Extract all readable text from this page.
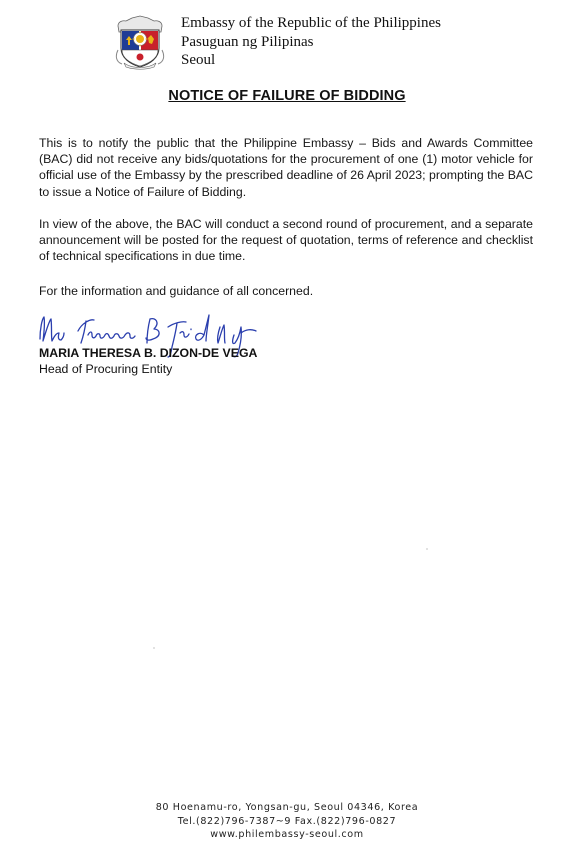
Embassy of the Republic of the Philippines
Pasuguan ng Pilipinas
Seoul
NOTICE OF FAILURE OF BIDDING
This is to notify the public that the Philippine Embassy – Bids and Awards Committee (BAC) did not receive any bids/quotations for the procurement of one (1) motor vehicle for official use of the Embassy by the prescribed deadline of 26 April 2023; prompting the BAC to issue a Notice of Failure of Bidding.
In view of the above, the BAC will conduct a second round of procurement, and a separate announcement will be posted for the request of quotation, terms of reference and checklist of technical specifications in due time.
For the information and guidance of all concerned.
MARIA THERESA B. DIZON-DE VEGA
Head of Procuring Entity
80 Hoenamu-ro, Yongsan-gu, Seoul 04346, Korea
Tel.(822)796-7387~9 Fax.(822)796-0827
www.philembassy-seoul.com
